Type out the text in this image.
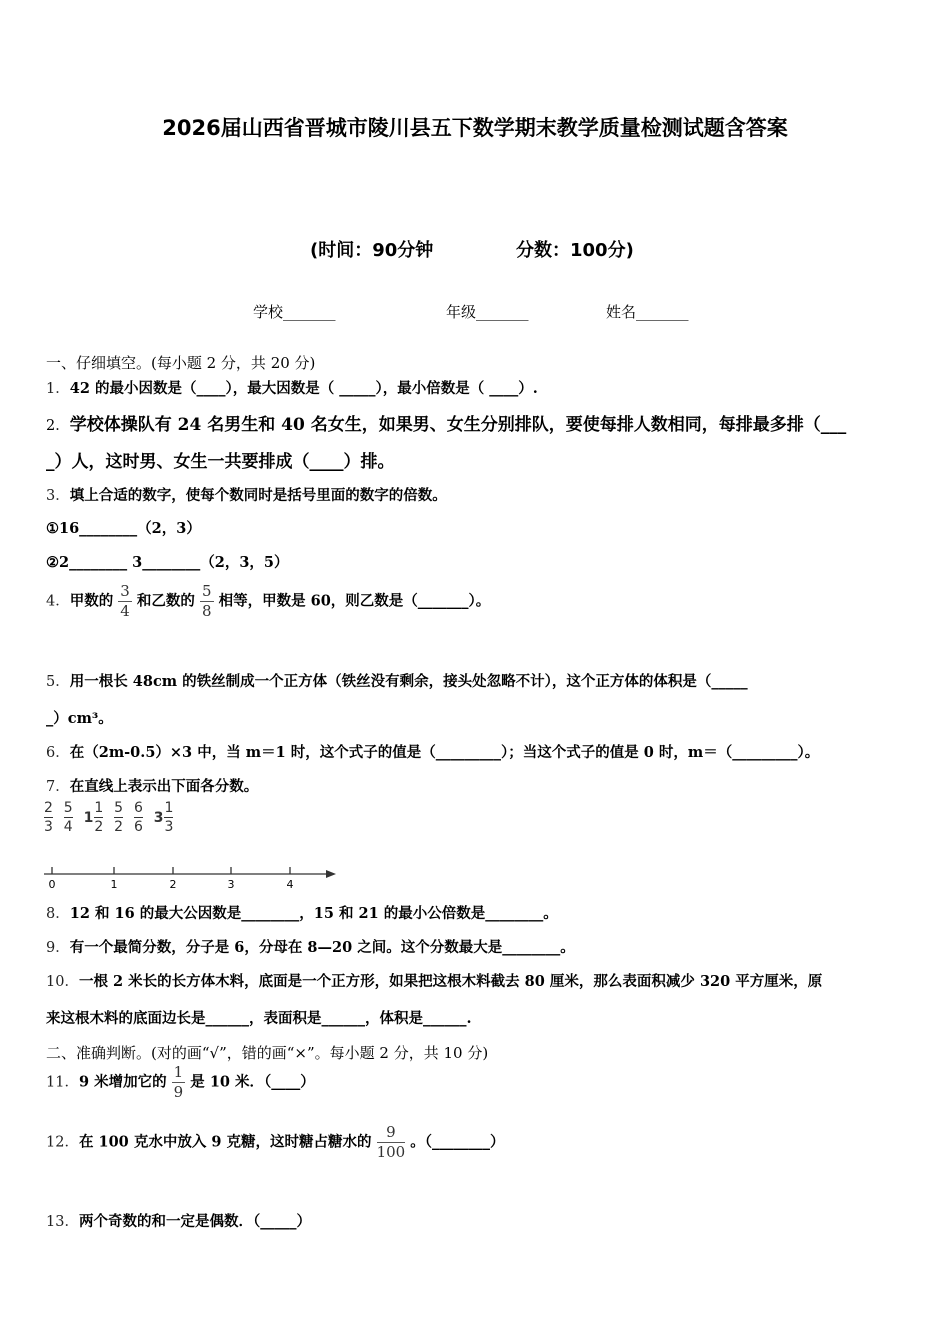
2026届山西省晋城市陵川县五下数学期末教学质量检测试题含答案
(时间：90分钟	分数：100分)
学校_______	年级_______	姓名_______
一、仔细填空。(每小题 2 分，共 20 分)
1．42 的最小因数是（____），最大因数是（ _____），最小倍数是（ ____）.
2．学校体操队有 24 名男生和 40 名女生，如果男、女生分别排队，要使每排人数相同，每排最多排（___
_）人，这时男、女生一共要排成（____）排。
3．填上合适的数字，使每个数同时是括号里面的数字的倍数。
①16________（2，3）
②2________ 3________（2，3，5）
4．甲数的 $\frac{3}{4}$ 和乙数的 $\frac{5}{8}$ 相等，甲数是 60，则乙数是（_______）。
5．用一根长 48cm 的铁丝制成一个正方体（铁丝没有剩余，接头处忽略不计），这个正方体的体积是（_____
_）cm³。
6．在（2m-0.5）×3 中，当 m＝1 时，这个式子的值是（_________）；当这个式子的值是 0 时，m＝（_________）。
7．在直线上表示出下面各分数。
$\frac{2}{3}$
$\frac{5}{4} 1 \frac{1}{2}$
$\frac{5}{2}$
$\frac{6}{6} 3 \frac{1}{3}$
0	1	2	3	4
8．12 和 16 的最大公因数是________，15 和 21 的最小公倍数是________。
9．有一个最简分数，分子是 6，分母在 8—20 之间。这个分数最大是________。
10．一根 2 米长的长方体木料，底面是一个正方形，如果把这根木料截去 80 厘米，那么表面积减少 320 平方厘米，原
来这根木料的底面边长是______，表面积是______，体积是______.
二、准确判断。(对的画“√”，错的画“×”。每小题 2 分，共 10 分)
11．9 米增加它的 $\frac{1}{9}$ 是 10 米．（____）
12．在 100 克水中放入 9 克糖，这时糖占糖水的 $\frac{9}{100}$ 。（________）
13．两个奇数的和一定是偶数．（_____）
